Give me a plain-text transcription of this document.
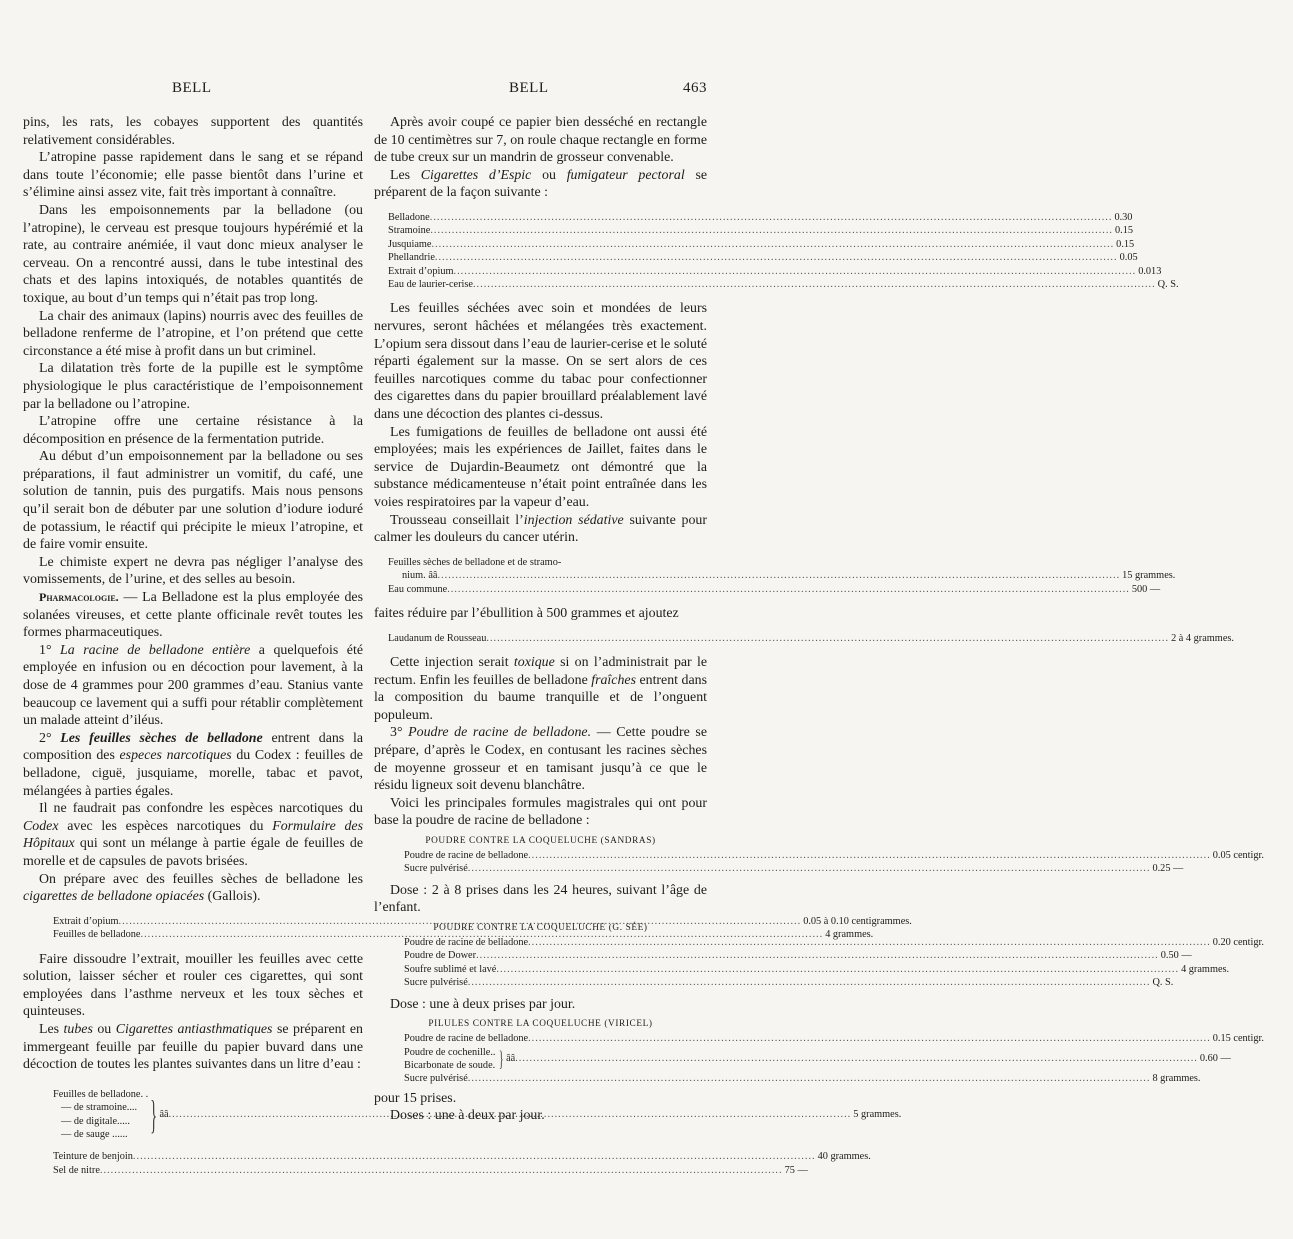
BELL	BELL	463

pins, les rats, les cobayes supportent des quantités relativement considérables.

L’atropine passe rapidement dans le sang et se répand dans toute l’économie; elle passe bientôt dans l’urine et s’élimine ainsi assez vite, fait très important à connaître.

Dans les empoisonnements par la belladone (ou l’atropine), le cerveau est presque toujours hypérémié et la rate, au contraire anémiée, il vaut donc mieux analyser le cerveau. On a rencontré aussi, dans le tube intestinal des chats et des lapins intoxiqués, de notables quantités de toxique, au bout d’un temps qui n’était pas trop long.

La chair des animaux (lapins) nourris avec des feuilles de belladone renferme de l’atropine, et l’on prétend que cette circonstance a été mise à profit dans un but criminel.

La dilatation très forte de la pupille est le symptôme physiologique le plus caractéristique de l’empoisonnement par la belladone ou l’atropine.

L’atropine offre une certaine résistance à la décomposition en présence de la fermentation putride.

Au début d’un empoisonnement par la belladone ou ses préparations, il faut administrer un vomitif, du café, une solution de tannin, puis des purgatifs. Mais nous pensons qu’il serait bon de débuter par une solution d’iodure ioduré de potassium, le réactif qui précipite le mieux l’atropine, et de faire vomir ensuite.

Le chimiste expert ne devra pas négliger l’analyse des vomissements, de l’urine, et des selles au besoin.

Pharmacologie. — La Belladone est la plus employée des solanées vireuses, et cette plante officinale revêt toutes les formes pharmaceutiques.

1° La racine de belladone entière a quelquefois été employée en infusion ou en décoction pour lavement, à la dose de 4 grammes pour 200 grammes d’eau. Stanius vante beaucoup ce lavement qui a suffi pour rétablir complètement un malade atteint d’iléus.

2° Les feuilles sèches de belladone entrent dans la composition des especes narcotiques du Codex : feuilles de belladone, ciguë, jusquiame, morelle, tabac et pavot, mélangées à parties égales.

Il ne faudrait pas confondre les espèces narcotiques du Codex avec les espèces narcotiques du Formulaire des Hôpitaux qui sont un mélange à partie égale de feuilles de morelle et de capsules de pavots brisées.

On prépare avec des feuilles sèches de belladone les cigarettes de belladone opiacées (Gallois).

Extrait d’opium .....	0.05 à 0.10 centigrammes.
Feuilles de belladone .....	4 grammes.

Faire dissoudre l’extrait, mouiller les feuilles avec cette solution, laisser sécher et rouler ces cigarettes, qui sont employées dans l’asthme nerveux et les toux sèches et quinteuses.

Les tubes ou Cigarettes antiasthmatiques se préparent en immergeant feuille par feuille du papier buvard dans une décoction de toutes les plantes suivantes dans un litre d’eau :

Feuilles de belladone. .
— de stramoine....
— de digitale.....
— de sauge ...... } ââ .....	5 grammes.
Teinture de benjoin .....	40 grammes.
Sel de nitre .....	75 —

Après avoir coupé ce papier bien desséché en rectangle de 10 centimètres sur 7, on roule chaque rectangle en forme de tube creux sur un mandrin de grosseur convenable.

Les Cigarettes d’Espic ou fumigateur pectoral se préparent de la façon suivante :

Belladone .....	0.30
Stramoine .....	0.15
Jusquiame .....	0.15
Phellandrie .....	0.05
Extrait d’opium .....	0.013
Eau de laurier-cerise .....	Q. S.

Les feuilles séchées avec soin et mondées de leurs nervures, seront hâchées et mélangées très exactement. L’opium sera dissout dans l’eau de laurier-cerise et le soluté réparti également sur la masse. On se sert alors de ces feuilles narcotiques comme du tabac pour confectionner des cigarettes dans du papier brouillard préalablement lavé dans une décoction des plantes ci-dessus.

Les fumigations de feuilles de belladone ont aussi été employées; mais les expériences de Jaillet, faites dans le service de Dujardin-Beaumetz ont démontré que la substance médicamenteuse n’était point entraînée dans les voies respiratoires par la vapeur d’eau.

Trousseau conseillait l’injection sédative suivante pour calmer les douleurs du cancer utérin.

Feuilles sèches de belladone et de stramo-
nium. ââ .....	15 grammes.
Eau commune .....	500 —

faites réduire par l’ébullition à 500 grammes et ajoutez

Laudanum de Rousseau .....	2 à 4 grammes.

Cette injection serait toxique si on l’administrait par le rectum. Enfin les feuilles de belladone fraîches entrent dans la composition du baume tranquille et de l’onguent populeum.

3° Poudre de racine de belladone. — Cette poudre se prépare, d’après le Codex, en contusant les racines sèches de moyenne grosseur et en tamisant jusqu’à ce que le résidu ligneux soit devenu blanchâtre.

Voici les principales formules magistrales qui ont pour base la poudre de racine de belladone :

POUDRE CONTRE LA COQUELUCHE (SANDRAS)
Poudre de racine de belladone .....	0.05 centigr.
Sucre pulvérisé .....	0.25 —

Dose : 2 à 8 prises dans les 24 heures, suivant l’âge de l’enfant.

POUDRE CONTRE LA COQUELUCHE (G. SÉE)
Poudre de racine de belladone .....	0.20 centigr.
Poudre de Dower .....	0.50 —
Soufre sublimé et lavé .....	4 grammes.
Sucre pulvérisé .....	Q. S.

Dose : une à deux prises par jour.

PILULES CONTRE LA COQUELUCHE (VIRICEL)
Poudre de racine de belladone .....	0.15 centigr.
Poudre de cochenille..
Bicarbonate de soude. } ââ .....	0.60 —
Sucre pulvérisé .....	8 grammes.

pour 15 prises.

Doses : une à deux par jour.
